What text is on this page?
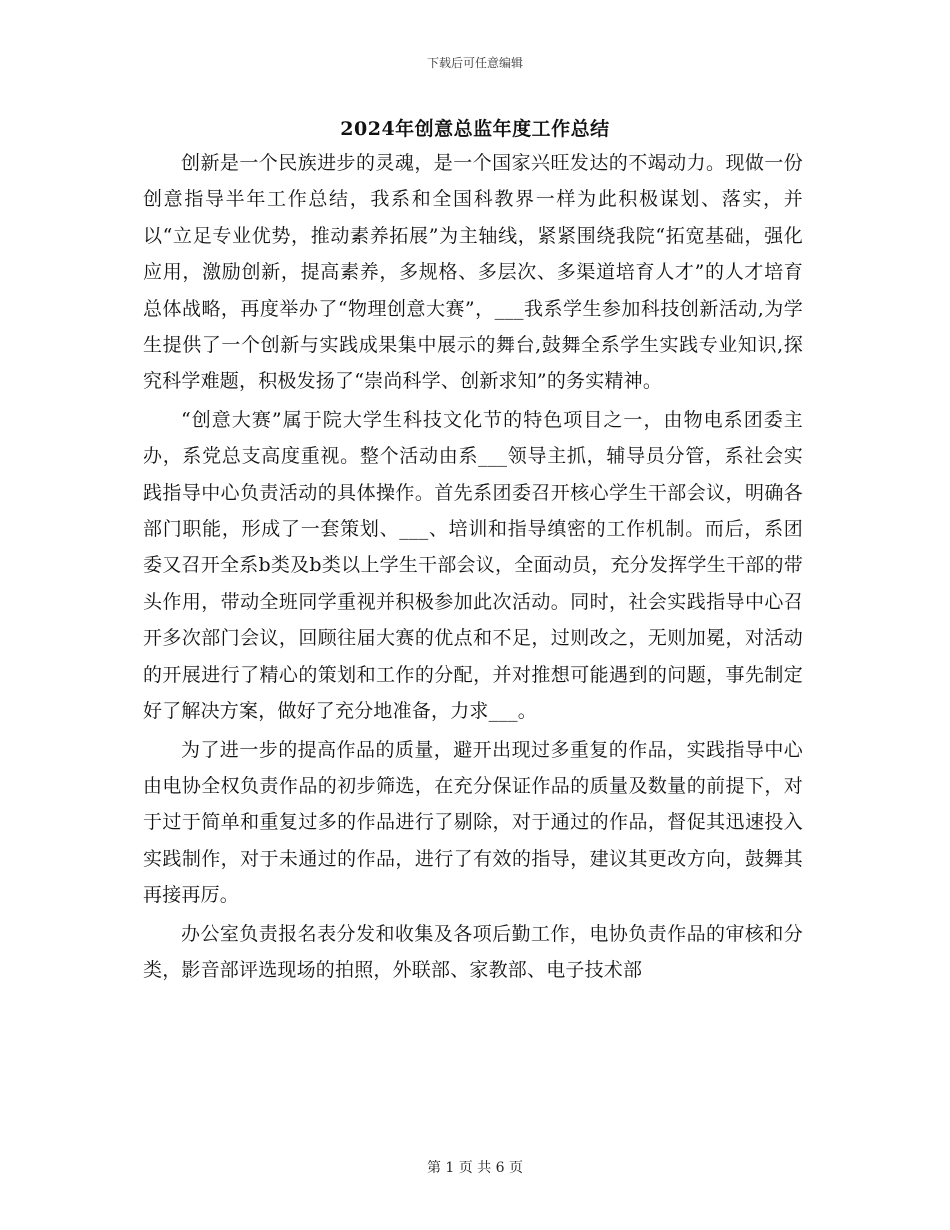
下载后可任意编辑
2024年创意总监年度工作总结

创新是一个民族进步的灵魂，是一个国家兴旺发达的不竭动力。现做一份创意指导半年工作总结，我系和全国科教界一样为此积极谋划、落实，并以“立足专业优势，推动素养拓展”为主轴线，紧紧围绕我院“拓宽基础，强化应用，激励创新，提高素养，多规格、多层次、多渠道培育人才”的人才培育总体战略，再度举办了“物理创意大赛”，___我系学生参加科技创新活动,为学生提供了一个创新与实践成果集中展示的舞台,鼓舞全系学生实践专业知识,探究科学难题，积极发扬了“崇尚科学、创新求知”的务实精神。

“创意大赛”属于院大学生科技文化节的特色项目之一，由物电系团委主办，系党总支高度重视。整个活动由系___领导主抓，辅导员分管，系社会实践指导中心负责活动的具体操作。首先系团委召开核心学生干部会议，明确各部门职能，形成了一套策划、___、培训和指导缜密的工作机制。而后，系团委又召开全系b类及b类以上学生干部会议，全面动员，充分发挥学生干部的带头作用，带动全班同学重视并积极参加此次活动。同时，社会实践指导中心召开多次部门会议，回顾往届大赛的优点和不足，过则改之，无则加冕，对活动的开展进行了精心的策划和工作的分配，并对推想可能遇到的问题，事先制定好了解决方案，做好了充分地准备，力求___。

为了进一步的提高作品的质量，避开出现过多重复的作品，实践指导中心由电协全权负责作品的初步筛选，在充分保证作品的质量及数量的前提下，对于过于简单和重复过多的作品进行了剔除，对于通过的作品，督促其迅速投入实践制作，对于未通过的作品，进行了有效的指导，建议其更改方向，鼓舞其再接再厉。

办公室负责报名表分发和收集及各项后勤工作，电协负责作品的审核和分类，影音部评选现场的拍照，外联部、家教部、电子技术部

第 1 页 共 6 页
